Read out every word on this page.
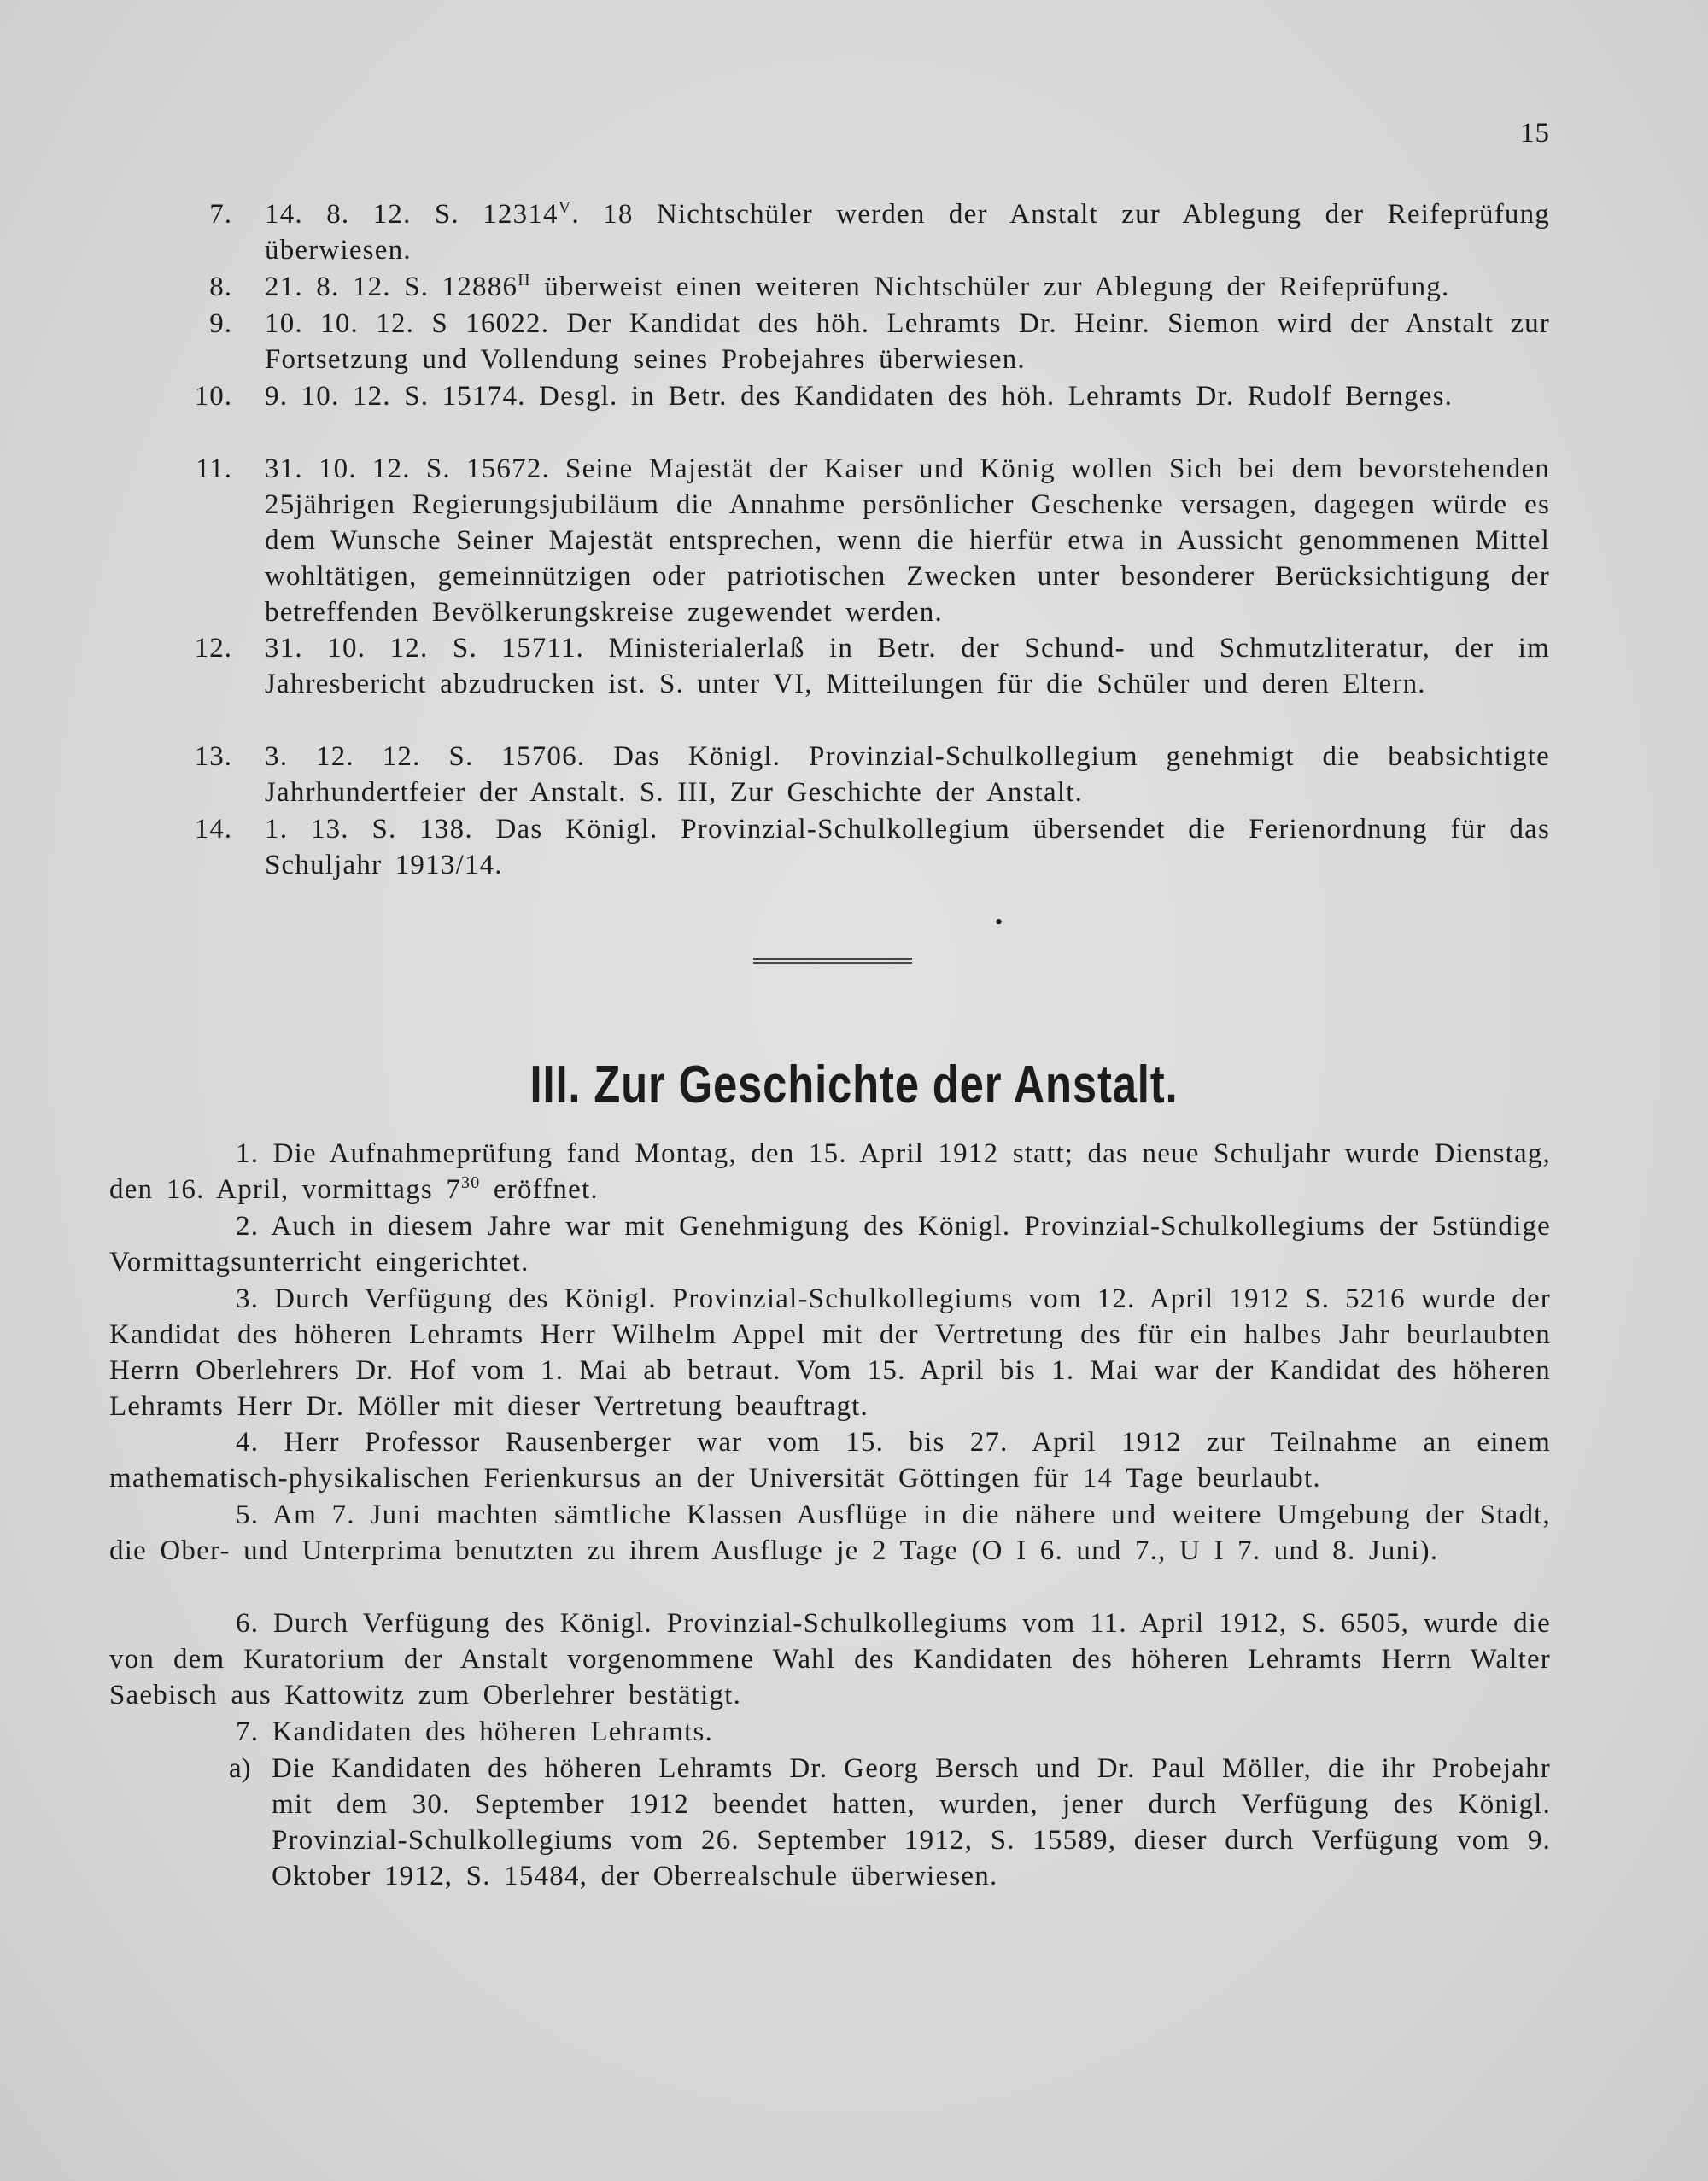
15
7. 14. 8. 12. S. $12314^V$. 18 Nichtschüler werden der Anstalt zur Ablegung der Reifeprüfung überwiesen.
8. 21. 8. 12. S. $12886^{II}$ überweist einen weiteren Nichtschüler zur Ablegung der Reifeprüfung.
9. 10. 10. 12. S 16022. Der Kandidat des höh. Lehramts Dr. Heinr. Siemon wird der Anstalt zur Fortsetzung und Vollendung seines Probejahres überwiesen.
10. 9. 10. 12. S. 15174. Desgl. in Betr. des Kandidaten des höh. Lehramts Dr. Rudolf Bernges.
11. 31. 10. 12. S. 15672. Seine Majestät der Kaiser und König wollen Sich bei dem bevorstehenden 25jährigen Regierungsjubiläum die Annahme persönlicher Geschenke versagen, dagegen würde es dem Wunsche Seiner Majestät entsprechen, wenn die hierfür etwa in Aussicht genommenen Mittel wohltätigen, gemeinnützigen oder patriotischen Zwecken unter besonderer Berücksichtigung der betreffenden Bevölkerungskreise zugewendet werden.
12. 31. 10. 12. S. 15711. Ministerialerlaß in Betr. der Schund- und Schmutzliteratur, der im Jahresbericht abzudrucken ist. S. unter VI, Mitteilungen für die Schüler und deren Eltern.
13. 3. 12. 12. S. 15706. Das Königl. Provinzial-Schulkollegium genehmigt die beabsichtigte Jahrhundertfeier der Anstalt. S. III, Zur Geschichte der Anstalt.
14. 1. 13. S. 138. Das Königl. Provinzial-Schulkollegium übersendet die Ferienordnung für das Schuljahr 1913/14.
•
III. Zur Geschichte der Anstalt.
1. Die Aufnahmeprüfung fand Montag, den 15. April 1912 statt; das neue Schuljahr wurde Dienstag, den 16. April, vormittags $7^{30}$ eröffnet.
2. Auch in diesem Jahre war mit Genehmigung des Königl. Provinzial-Schulkollegiums der 5stündige Vormittagsunterricht eingerichtet.
3. Durch Verfügung des Königl. Provinzial-Schulkollegiums vom 12. April 1912 S. 5216 wurde der Kandidat des höheren Lehramts Herr Wilhelm Appel mit der Vertretung des für ein halbes Jahr beurlaubten Herrn Oberlehrers Dr. Hof vom 1. Mai ab betraut. Vom 15. April bis 1. Mai war der Kandidat des höheren Lehramts Herr Dr. Möller mit dieser Vertretung beauftragt.
4. Herr Professor Rausenberger war vom 15. bis 27. April 1912 zur Teilnahme an einem mathematisch-physikalischen Ferienkursus an der Universität Göttingen für 14 Tage beurlaubt.
5. Am 7. Juni machten sämtliche Klassen Ausflüge in die nähere und weitere Umgebung der Stadt, die Ober- und Unterprima benutzten zu ihrem Ausfluge je 2 Tage (O I 6. und 7., U I 7. und 8. Juni).
6. Durch Verfügung des Königl. Provinzial-Schulkollegiums vom 11. April 1912, S. 6505, wurde die von dem Kuratorium der Anstalt vorgenommene Wahl des Kandidaten des höheren Lehramts Herrn Walter Saebisch aus Kattowitz zum Oberlehrer bestätigt.
7. Kandidaten des höheren Lehramts.
a) Die Kandidaten des höheren Lehramts Dr. Georg Bersch und Dr. Paul Möller, die ihr Probejahr mit dem 30. September 1912 beendet hatten, wurden, jener durch Verfügung des Königl. Provinzial-Schulkollegiums vom 26. September 1912, S. 15589, dieser durch Verfügung vom 9. Oktober 1912, S. 15484, der Oberrealschule überwiesen.
